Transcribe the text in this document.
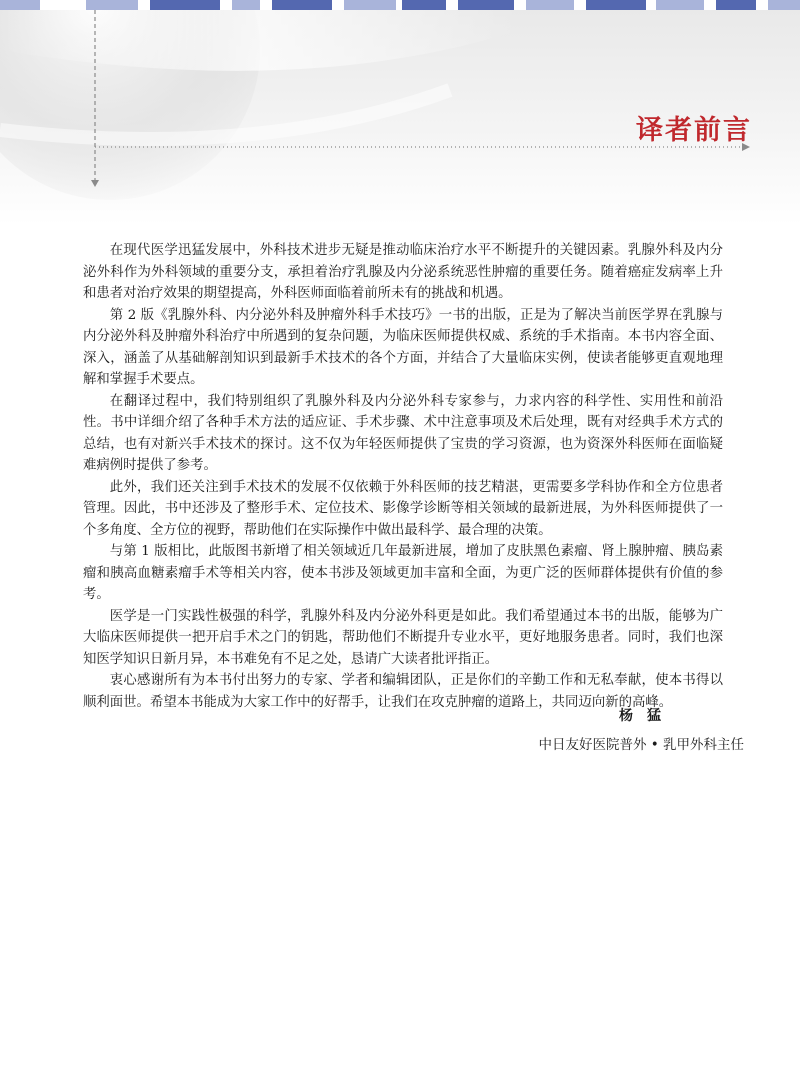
译者前言

在现代医学迅猛发展中，外科技术进步无疑是推动临床治疗水平不断提升的关键因素。乳腺外科及内分泌外科作为外科领域的重要分支，承担着治疗乳腺及内分泌系统恶性肿瘤的重要任务。随着癌症发病率上升和患者对治疗效果的期望提高，外科医师面临着前所未有的挑战和机遇。

第 2 版《乳腺外科、内分泌外科及肿瘤外科手术技巧》一书的出版，正是为了解决当前医学界在乳腺与内分泌外科及肿瘤外科治疗中所遇到的复杂问题，为临床医师提供权威、系统的手术指南。本书内容全面、深入，涵盖了从基础解剖知识到最新手术技术的各个方面，并结合了大量临床实例，使读者能够更直观地理解和掌握手术要点。

在翻译过程中，我们特别组织了乳腺外科及内分泌外科专家参与，力求内容的科学性、实用性和前沿性。书中详细介绍了各种手术方法的适应证、手术步骤、术中注意事项及术后处理，既有对经典手术方式的总结，也有对新兴手术技术的探讨。这不仅为年轻医师提供了宝贵的学习资源，也为资深外科医师在面临疑难病例时提供了参考。

此外，我们还关注到手术技术的发展不仅依赖于外科医师的技艺精湛，更需要多学科协作和全方位患者管理。因此，书中还涉及了整形手术、定位技术、影像学诊断等相关领域的最新进展，为外科医师提供了一个多角度、全方位的视野，帮助他们在实际操作中做出最科学、最合理的决策。

与第 1 版相比，此版图书新增了相关领域近几年最新进展，增加了皮肤黑色素瘤、肾上腺肿瘤、胰岛素瘤和胰高血糖素瘤手术等相关内容，使本书涉及领域更加丰富和全面，为更广泛的医师群体提供有价值的参考。

医学是一门实践性极强的科学，乳腺外科及内分泌外科更是如此。我们希望通过本书的出版，能够为广大临床医师提供一把开启手术之门的钥匙，帮助他们不断提升专业水平，更好地服务患者。同时，我们也深知医学知识日新月异，本书难免有不足之处，恳请广大读者批评指正。

衷心感谢所有为本书付出努力的专家、学者和编辑团队，正是你们的辛勤工作和无私奉献，使本书得以顺利面世。希望本书能成为大家工作中的好帮手，让我们在攻克肿瘤的道路上，共同迈向新的高峰。

杨猛

中日友好医院普外 • 乳甲外科主任
